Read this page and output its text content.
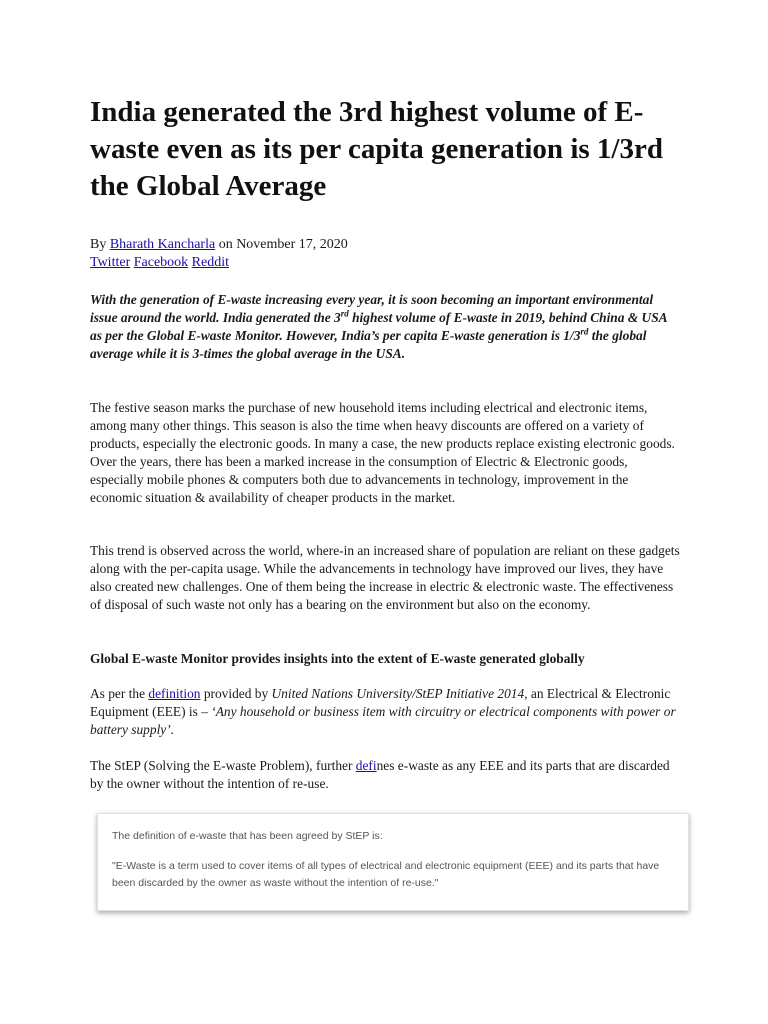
India generated the 3rd highest volume of E-waste even as its per capita generation is 1/3rd the Global Average
By Bharath Kancharla on November 17, 2020
Twitter Facebook Reddit

With the generation of E-waste increasing every year, it is soon becoming an important environmental issue around the world. India generated the 3rd highest volume of E-waste in 2019, behind China & USA as per the Global E-waste Monitor. However, India’s per capita E-waste generation is 1/3rd the global average while it is 3-times the global average in the USA.

The festive season marks the purchase of new household items including electrical and electronic items, among many other things. This season is also the time when heavy discounts are offered on a variety of products, especially the electronic goods. In many a case, the new products replace existing electronic goods. Over the years, there has been a marked increase in the consumption of Electric & Electronic goods, especially mobile phones & computers both due to advancements in technology, improvement in the economic situation & availability of cheaper products in the market.

This trend is observed across the world, where-in an increased share of population are reliant on these gadgets along with the per-capita usage. While the advancements in technology have improved our lives, they have also created new challenges. One of them being the increase in electric & electronic waste. The effectiveness of disposal of such waste not only has a bearing on the environment but also on the economy.

Global E-waste Monitor provides insights into the extent of E-waste generated globally

As per the definition provided by United Nations University/StEP Initiative 2014, an Electrical & Electronic Equipment (EEE) is – ‘Any household or business item with circuitry or electrical components with power or battery supply’.

The StEP (Solving the E-waste Problem), further defines e-waste as any EEE and its parts that are discarded by the owner without the intention of re-use.

The definition of e-waste that has been agreed by StEP is:
"E-Waste is a term used to cover items of all types of electrical and electronic equipment (EEE) and its parts that have been discarded by the owner as waste without the intention of re-use."
